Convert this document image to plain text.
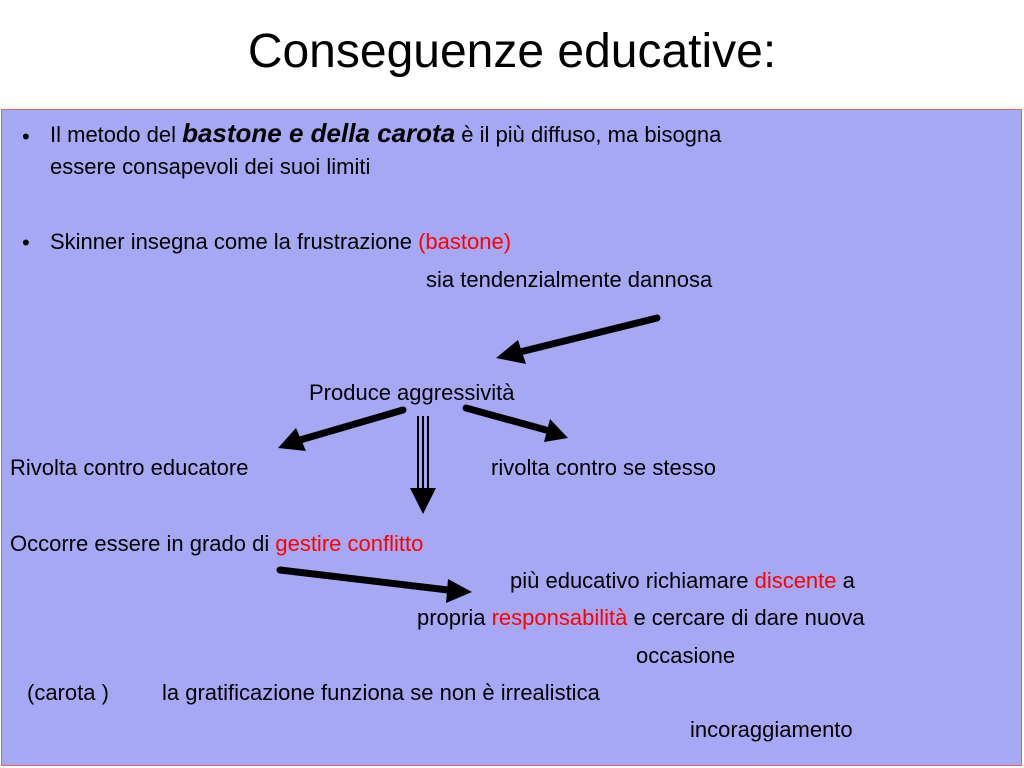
Conseguenze educative:
• Il metodo del bastone e della carota è il più diffuso, ma bisogna
essere consapevoli dei suoi limiti
• Skinner insegna come la frustrazione (bastone)
sia tendenzialmente dannosa
Produce aggressività
Rivolta contro educatore	rivolta contro se stesso
Occorre essere in grado di gestire conflitto
più educativo richiamare discente a
propria responsabilità e cercare di dare nuova
occasione
(carota ) la gratificazione funziona se non è irrealistica
incoraggiamento
